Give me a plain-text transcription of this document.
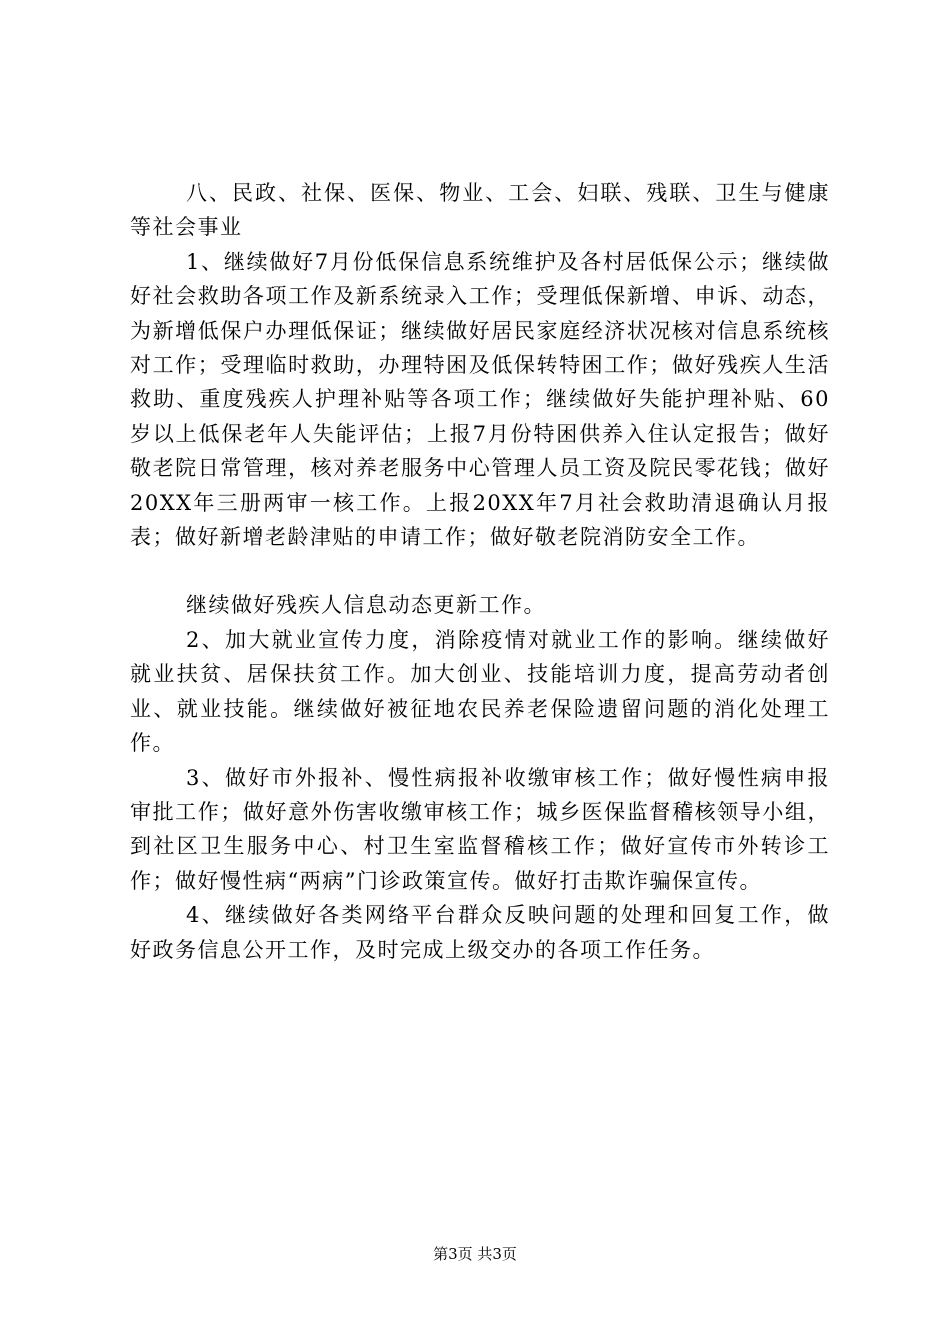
八、民政、社保、医保、物业、工会、妇联、残联、卫生与健康等社会事业

1、继续做好7月份低保信息系统维护及各村居低保公示；继续做好社会救助各项工作及新系统录入工作；受理低保新增、申诉、动态，为新增低保户办理低保证；继续做好居民家庭经济状况核对信息系统核对工作；受理临时救助，办理特困及低保转特困工作；做好残疾人生活救助、重度残疾人护理补贴等各项工作；继续做好失能护理补贴、60岁以上低保老年人失能评估；上报7月份特困供养入住认定报告；做好敬老院日常管理，核对养老服务中心管理人员工资及院民零花钱；做好20XX年三册两审一核工作。上报20XX年7月社会救助清退确认月报表；做好新增老龄津贴的申请工作；做好敬老院消防安全工作。

继续做好残疾人信息动态更新工作。

2、加大就业宣传力度，消除疫情对就业工作的影响。继续做好就业扶贫、居保扶贫工作。加大创业、技能培训力度，提高劳动者创业、就业技能。继续做好被征地农民养老保险遗留问题的消化处理工作。

3、做好市外报补、慢性病报补收缴审核工作；做好慢性病申报审批工作；做好意外伤害收缴审核工作；城乡医保监督稽核领导小组，到社区卫生服务中心、村卫生室监督稽核工作；做好宣传市外转诊工作；做好慢性病“两病”门诊政策宣传。做好打击欺诈骗保宣传。

4、继续做好各类网络平台群众反映问题的处理和回复工作，做好政务信息公开工作，及时完成上级交办的各项工作任务。

第3页 共3页
